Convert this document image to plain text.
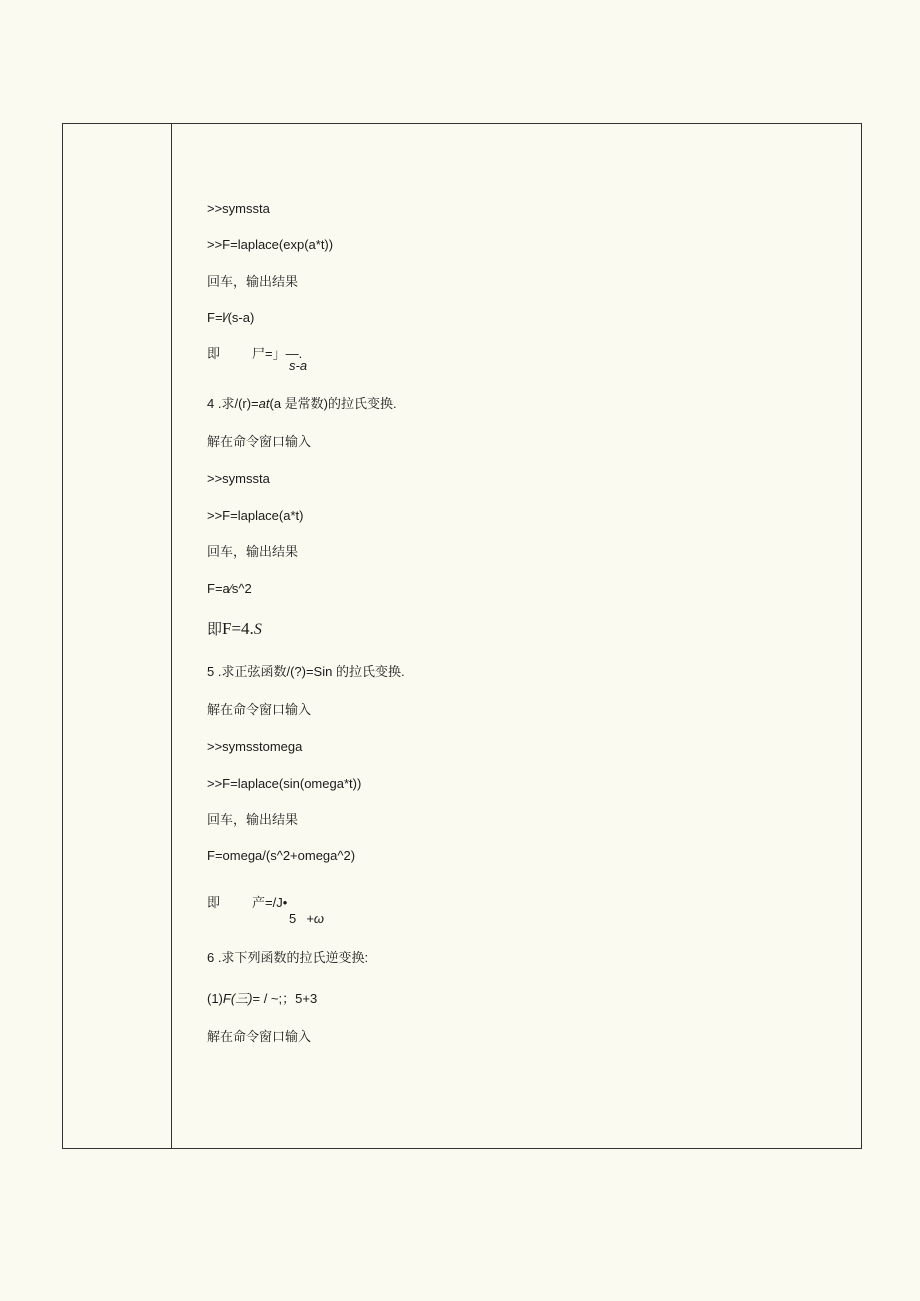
>>symssta
>>F=laplace(exp(a*t))
回车，输出结果
F=l⁄(s-a)
即 尸=」—.
s-a
4 .求/(r)=at(a 是常数)的拉氏变换.
解在命令窗口输入
>>symssta
>>F=laplace(a*t)
回车，输出结果
F=a⁄s^2
即F=4.S
5 .求正弦函数/(?)=Sin 的拉氏变换.
解在命令窗口输入
>>symsstomega
>>F=laplace(sin(omega*t))
回车，输出结果
F=omega/(s^2+omega^2)
即 产=/J•
5 +ω
6 .求下列函数的拉氏逆变换:
(1)F(三)= / ~;；5+3
解在命令窗口输入
